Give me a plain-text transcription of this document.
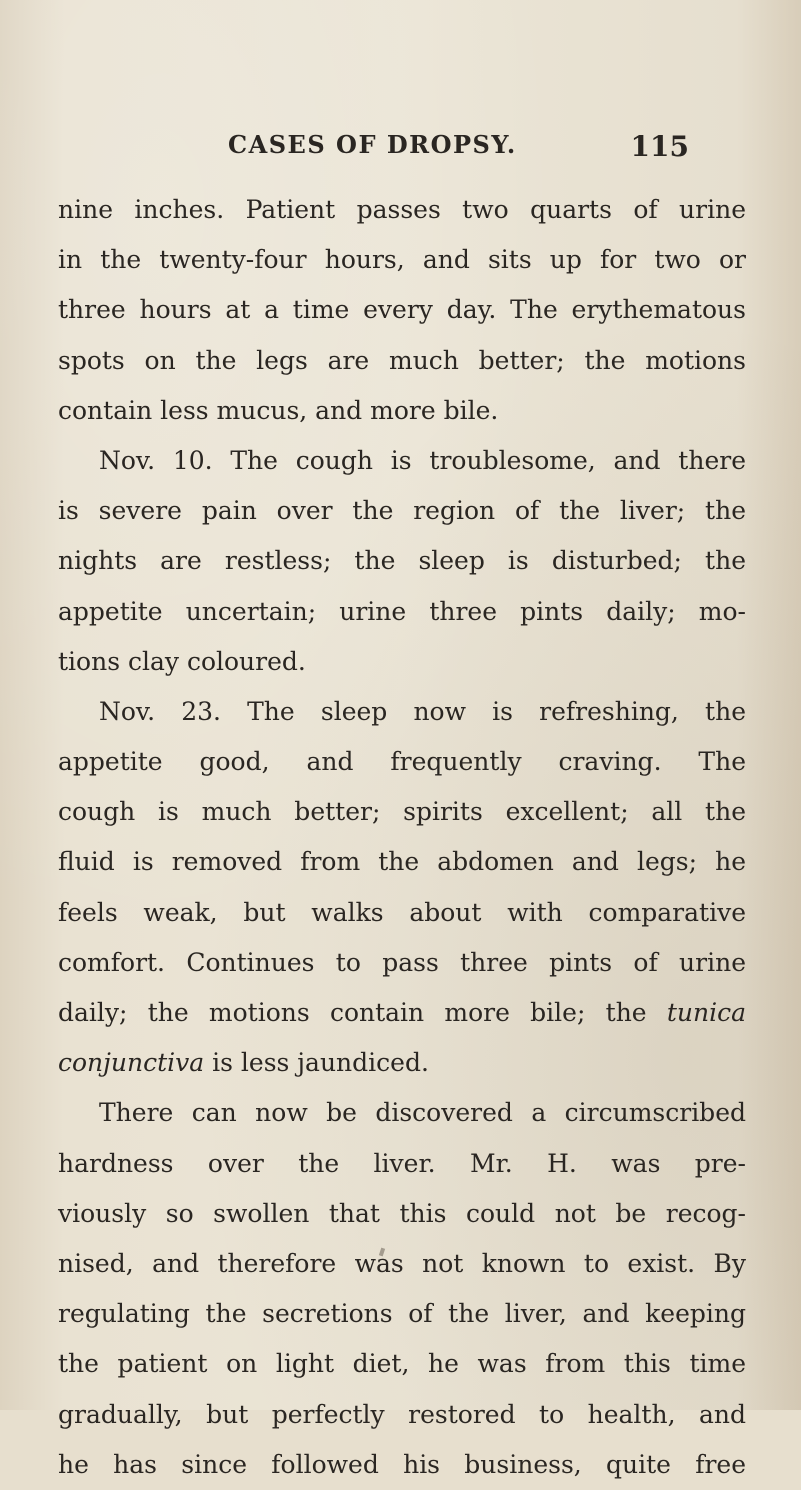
CASES OF DROPSY.	115
nine inches. Patient passes two quarts of urine
in the twenty-four hours, and sits up for two or
three hours at a time every day. The erythematous
spots on the legs are much better; the motions
contain less mucus, and more bile.
Nov. 10. The cough is troublesome, and there
is severe pain over the region of the liver; the
nights are restless; the sleep is disturbed; the
appetite uncertain; urine three pints daily; mo-
tions clay coloured.
Nov. 23. The sleep now is refreshing, the
appetite good, and frequently craving. The
cough is much better; spirits excellent; all the
fluid is removed from the abdomen and legs; he
feels weak, but walks about with comparative
comfort. Continues to pass three pints of urine
daily; the motions contain more bile; the tunica
conjunctiva is less jaundiced.
There can now be discovered a circumscribed
hardness over the liver. Mr. H. was pre-
viously so swollen that this could not be recog-
nised, and therefore was not known to exist. By
regulating the secretions of the liver, and keeping
the patient on light diet, he was from this time
gradually, but perfectly restored to health, and
he has since followed his business, quite free
